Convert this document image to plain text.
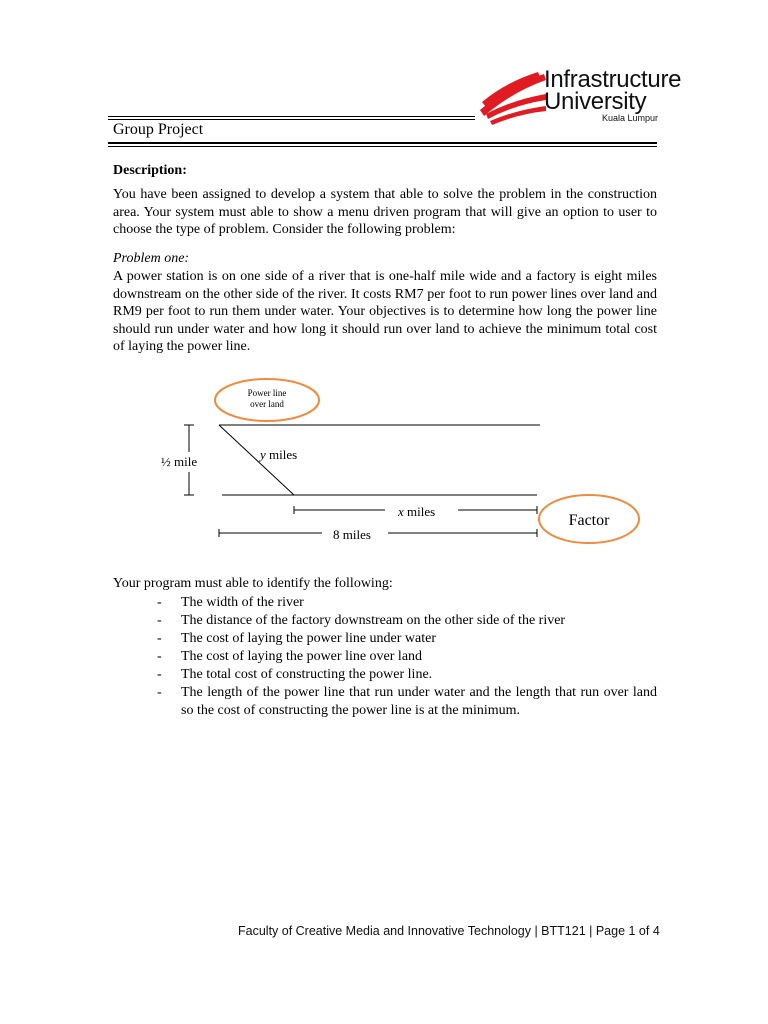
Infrastructure
University
Kuala Lumpur
Group Project
Description:
You have been assigned to develop a system that able to solve the problem in the construction area. Your system must able to show a menu driven program that will give an option to user to choose the type of problem. Consider the following problem:
Problem one:
A power station is on one side of a river that is one-half mile wide and a factory is eight miles downstream on the other side of the river. It costs RM7 per foot to run power lines over land and RM9 per foot to run them under water. Your objectives is to determine how long the power line should run under water and how long it should run over land to achieve the minimum total cost of laying the power line.
Power line
over land
½ mile	y miles
x miles
8 miles
Factor
Your program must able to identify the following:
- The width of the river
- The distance of the factory downstream on the other side of the river
- The cost of laying the power line under water
- The cost of laying the power line over land
- The total cost of constructing the power line.
- The length of the power line that run under water and the length that run over land so the cost of constructing the power line is at the minimum.
Faculty of Creative Media and Innovative Technology | BTT121 | Page 1 of 4
